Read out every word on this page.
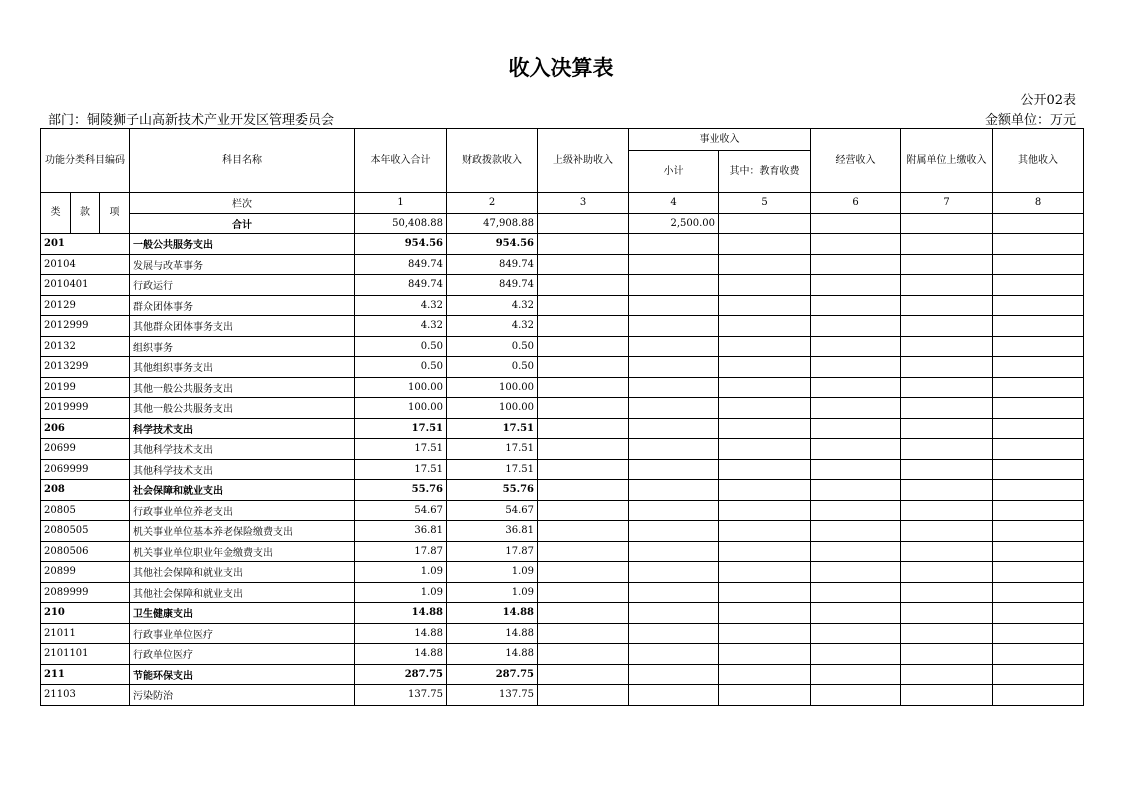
收入决算表
公开02表
部门：铜陵狮子山高新技术产业开发区管理委员会	金额单位：万元
功能分类科目编码			科目名称	本年收入合计	财政拨款收入	上级补助收入	事业收入		经营收入	附属单位上缴收入	其他收入
							小计	其中：教育收费			
类	款	项	栏次	1	2	3	4	5	6	7	8
			合计	50,408.88	47,908.88		2,500.00				
201			一般公共服务支出	954.56	954.56						
20104			发展与改革事务	849.74	849.74						
2010401			行政运行	849.74	849.74						
20129			群众团体事务	4.32	4.32						
2012999			其他群众团体事务支出	4.32	4.32						
20132			组织事务	0.50	0.50						
2013299			其他组织事务支出	0.50	0.50						
20199			其他一般公共服务支出	100.00	100.00						
2019999			其他一般公共服务支出	100.00	100.00						
206			科学技术支出	17.51	17.51						
20699			其他科学技术支出	17.51	17.51						
2069999			其他科学技术支出	17.51	17.51						
208			社会保障和就业支出	55.76	55.76						
20805			行政事业单位养老支出	54.67	54.67						
2080505			机关事业单位基本养老保险缴费支出	36.81	36.81						
2080506			机关事业单位职业年金缴费支出	17.87	17.87						
20899			其他社会保障和就业支出	1.09	1.09						
2089999			其他社会保障和就业支出	1.09	1.09						
210			卫生健康支出	14.88	14.88						
21011			行政事业单位医疗	14.88	14.88						
2101101			行政单位医疗	14.88	14.88						
211			节能环保支出	287.75	287.75						
21103			污染防治	137.75	137.75						
